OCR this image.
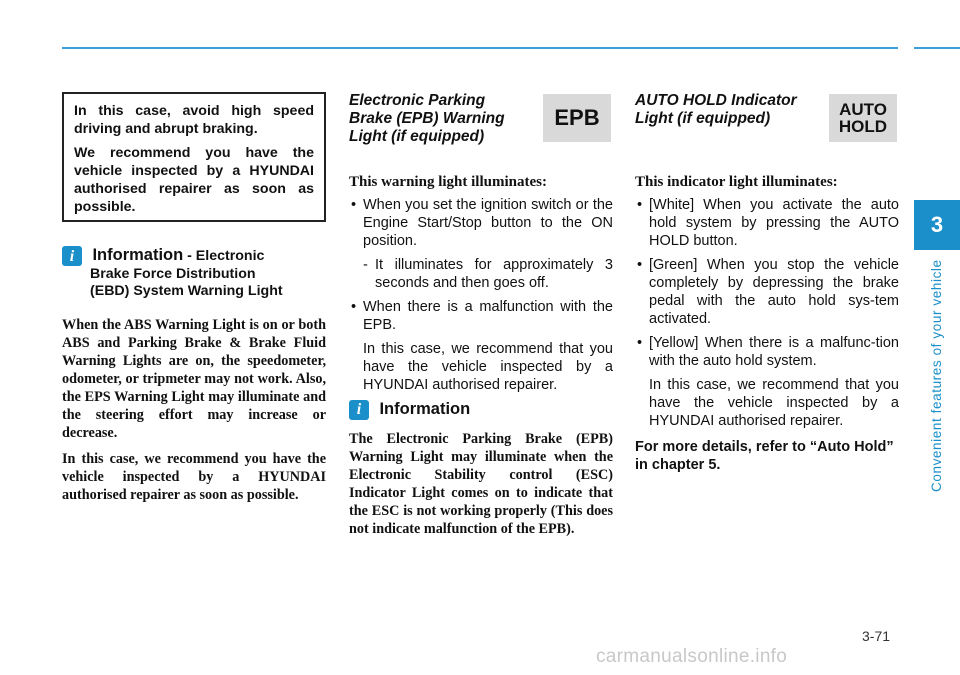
3
Convenient features of your vehicle

In this case, avoid high speed driving and abrupt braking.

We recommend you have the vehicle inspected by a HYUNDAI authorised repairer as soon as possible.

i Information - Electronic
Brake Force Distribution
(EBD) System Warning Light

When the ABS Warning Light is on or both ABS and Parking Brake & Brake Fluid Warning Lights are on, the speedometer, odometer, or tripmeter may not work. Also, the EPS Warning Light may illuminate and the steering effort may increase or decrease.

In this case, we recommend you have the vehicle inspected by a HYUNDAI authorised repairer as soon as possible.

Electronic Parking
Brake (EPB) Warning
Light (if equipped)
EPB
This warning light illuminates:
• When you set the ignition switch or the Engine Start/Stop button to the ON position.
- It illuminates for approximately 3 seconds and then goes off.
• When there is a malfunction with the EPB.
In this case, we recommend that you have the vehicle inspected by a HYUNDAI authorised repairer.
i Information

The Electronic Parking Brake (EPB) Warning Light may illuminate when the Electronic Stability control (ESC) Indicator Light comes on to indicate that the ESC is not working properly (This does not indicate malfunction of the EPB).

AUTO HOLD Indicator
Light (if equipped)	AUTO
HOLD
This indicator light illuminates:
• [White] When you activate the auto hold system by pressing the AUTO HOLD button.
• [Green] When you stop the vehicle completely by depressing the brake pedal with the auto hold sys-tem activated.
• [Yellow] When there is a malfunc-tion with the auto hold system.
In this case, we recommend that you have the vehicle inspected by a HYUNDAI authorised repairer.
For more details, refer to “Auto Hold” in chapter 5.
3-71
carmanualsonline.info
